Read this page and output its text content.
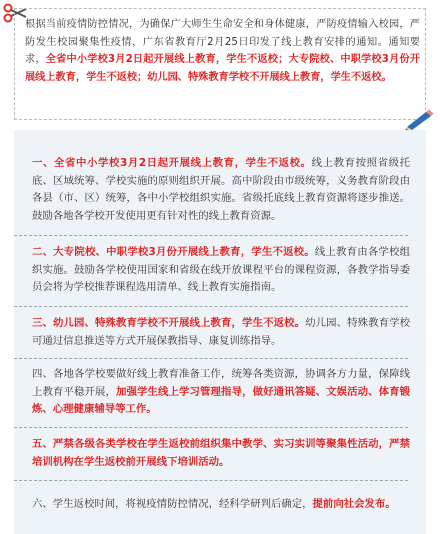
根据当前疫情防控情况，为确保广大师生生命安全和身体健康，严防疫情输入校园，严防发生校园聚集性疫情，广东省教育厅2月25日印发了线上教育安排的通知。通知要求，全省中小学校3月2日起开展线上教育，学生不返校；大专院校、中职学校3月份开展线上教育，学生不返校；幼儿园、特殊教育学校不开展线上教育，学生不返校。
一、全省中小学校3月2日起开展线上教育，学生不返校。线上教育按照省级托底、区域统筹、学校实施的原则组织开展。高中阶段由市级统筹，义务教育阶段由各县（市、区）统筹，各中小学校组织实施。省级托底线上教育资源将逐步推送。鼓励各地各学校开发使用更有针对性的线上教育资源。
二、大专院校、中职学校3月份开展线上教育，学生不返校。线上教育由各学校组织实施。鼓励各学校使用国家和省级在线开放课程平台的课程资源，各教学指导委员会将为学校推荐课程选用清单、线上教育实施指南。
三、幼儿园、特殊教育学校不开展线上教育，学生不返校。幼儿园、特殊教育学校可通过信息推送等方式开展保教指导、康复训练指导。
四、各地各学校要做好线上教育准备工作，统筹各类资源，协调各方力量，保障线上教育平稳开展，加强学生线上学习管理指导，做好通讯答疑、文娱活动、体育锻炼、心理健康辅导等工作。
五、严禁各级各类学校在学生返校前组织集中教学、实习实训等聚集性活动，严禁培训机构在学生返校前开展线下培训活动。
六、学生返校时间，将视疫情防控情况，经科学研判后确定，提前向社会发布。
